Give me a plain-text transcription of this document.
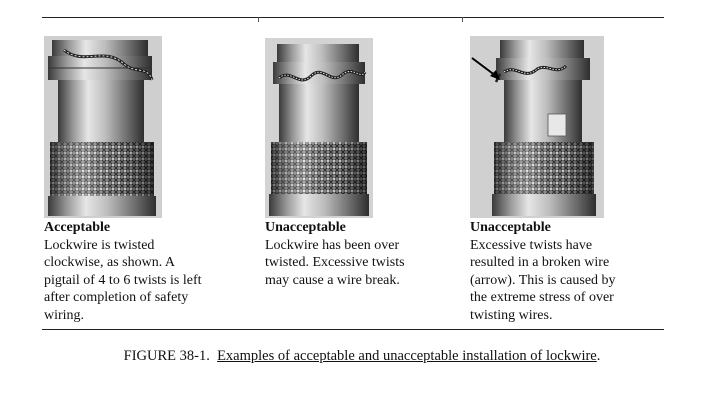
Acceptable
Lockwire is twisted
clockwise, as shown. A
pigtail of 4 to 6 twists is left
after completion of safety
wiring.
Unacceptable
Lockwire has been over
twisted. Excessive twists
may cause a wire break.
Unacceptable
Excessive twists have
resulted in a broken wire
(arrow). This is caused by
the extreme stress of over
twisting wires.
FIGURE 38-1. Examples of acceptable and unacceptable installation of lockwire.
